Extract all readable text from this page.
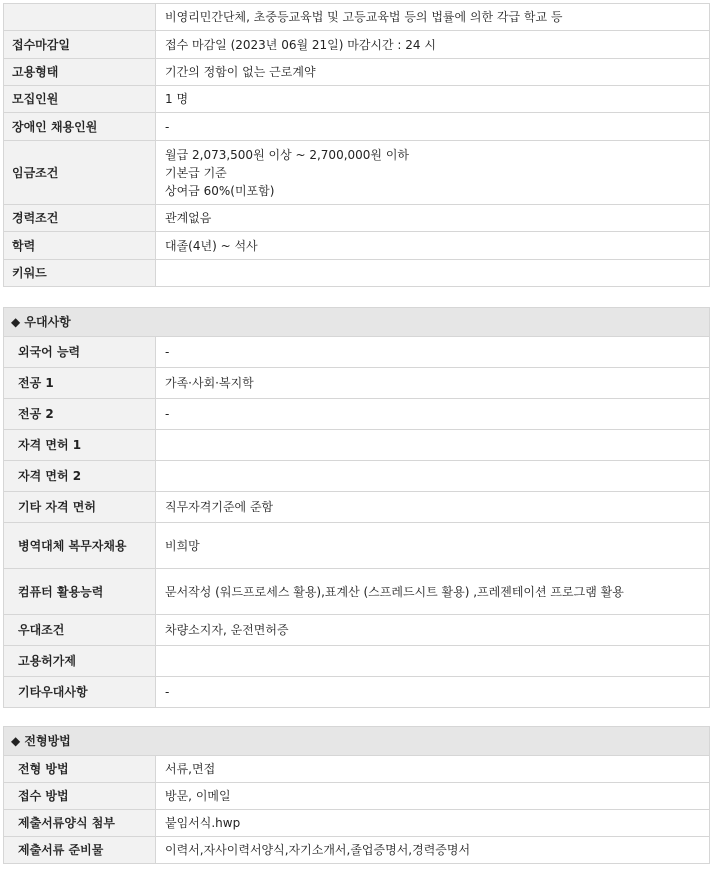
	비영리민간단체, 초중등교육법 및 고등교육법 등의 법률에 의한 각급 학교 등

접수마감일	접수 마감일 (2023년 06월 21일) 마감시간 : 24 시

고용형태	기간의 정함이 없는 근로계약

모집인원	1 명

장애인 채용인원	-

임금조건	월급 2,073,500원 이상 ~ 2,700,000원 이하
기본급 기준
상여금 60%(미포함)

경력조건	관계없음

학력	대졸(4년) ~ 석사

키워드	
◆ 우대사항	
외국어 능력	-
전공 1	가족·사회·복지학
전공 2	-
자격 면허 1	
자격 면허 2	
기타 자격 면허	직무자격기준에 준함
병역대체 복무자채용	비희망
컴퓨터 활용능력	문서작성 (워드프로세스 활용),표계산 (스프레드시트 활용) ,프레젠테이션 프로그램 활용
우대조건	차량소지자, 운전면허증
고용허가제	
기타우대사항	-
◆ 전형방법	
전형 방법	서류,면접
접수 방법	방문, 이메일
제출서류양식 첨부	붙임서식.hwp
제출서류 준비물	이력서,자사이력서양식,자기소개서,졸업증명서,경력증명서
